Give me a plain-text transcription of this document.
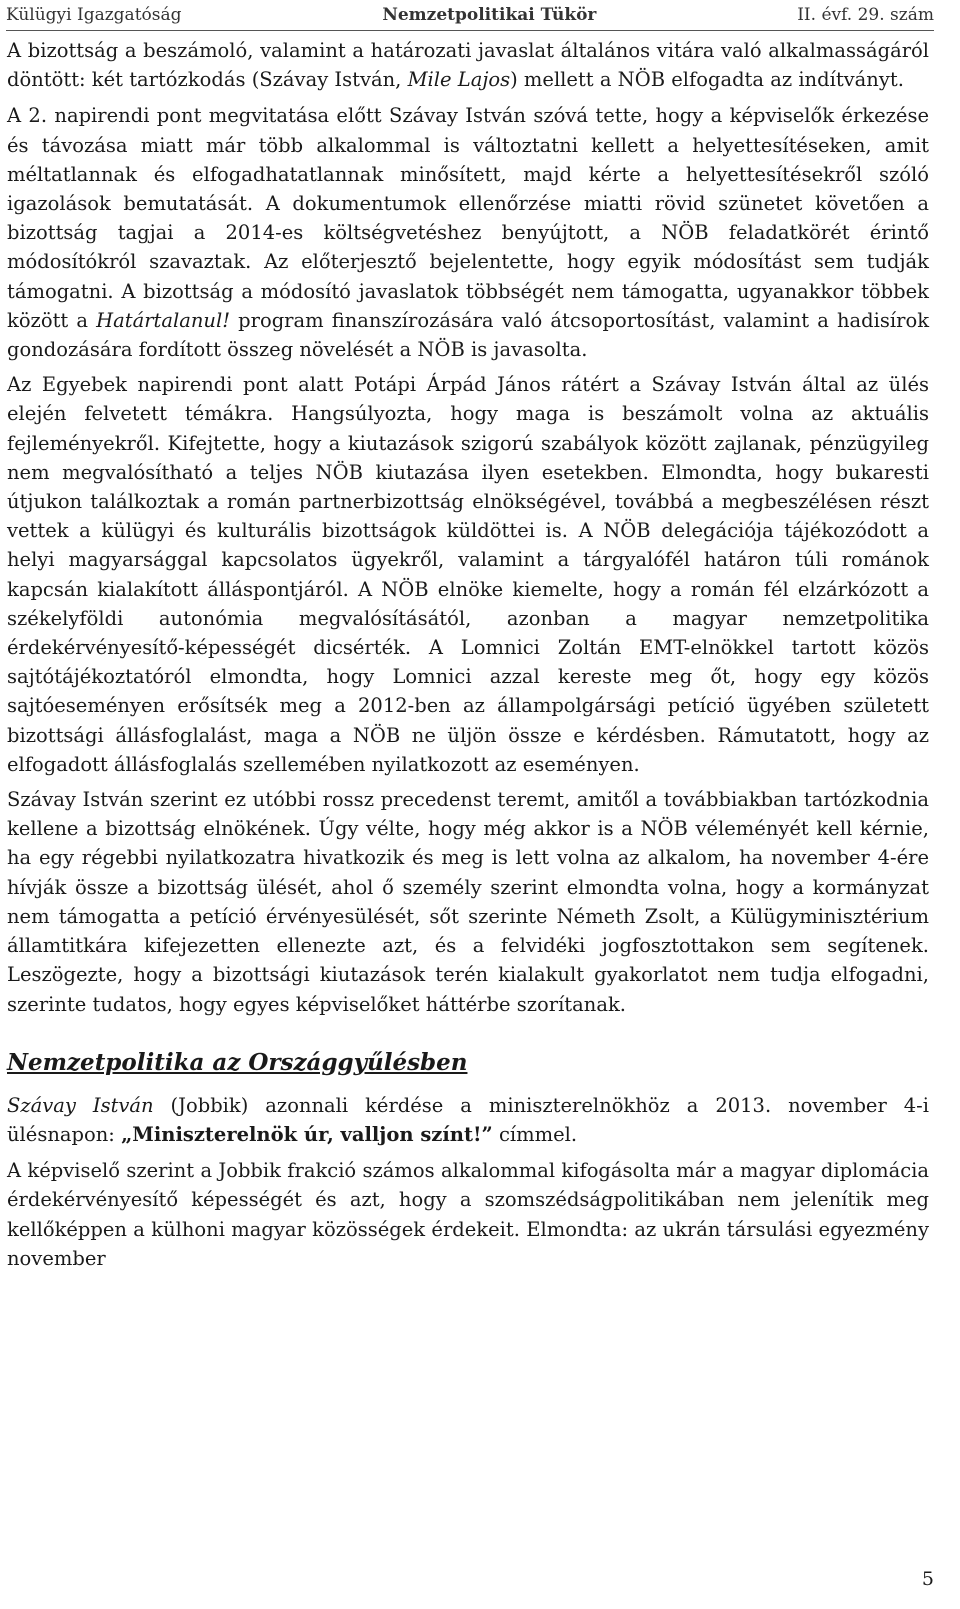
Külügyi Igazgatóság	Nemzetpolitikai Tükör	II. évf. 29. szám

A bizottság a beszámoló, valamint a határozati javaslat általános vitára való alkalmasságáról döntött: két tartózkodás (Szávay István, Mile Lajos) mellett a NÖB elfogadta az indítványt.

A 2. napirendi pont megvitatása előtt Szávay István szóvá tette, hogy a képviselők érkezése és távozása miatt már több alkalommal is változtatni kellett a helyettesítéseken, amit méltatlannak és elfogadhatatlannak minősített, majd kérte a helyettesítésekről szóló igazolások bemutatását. A dokumentumok ellenőrzése miatti rövid szünetet követően a bizottság tagjai a 2014-es költségvetéshez benyújtott, a NÖB feladatkörét érintő módosítókról szavaztak. Az előterjesztő bejelentette, hogy egyik módosítást sem tudják támogatni. A bizottság a módosító javaslatok többségét nem támogatta, ugyanakkor többek között a Határtalanul! program finanszírozására való átcsoportosítást, valamint a hadisírok gondozására fordított összeg növelését a NÖB is javasolta.

Az Egyebek napirendi pont alatt Potápi Árpád János rátért a Szávay István által az ülés elején felvetett témákra. Hangsúlyozta, hogy maga is beszámolt volna az aktuális fejleményekről. Kifejtette, hogy a kiutazások szigorú szabályok között zajlanak, pénzügyileg nem megvalósítható a teljes NÖB kiutazása ilyen esetekben. Elmondta, hogy bukaresti útjukon találkoztak a román partnerbizottság elnökségével, továbbá a megbeszélésen részt vettek a külügyi és kulturális bizottságok küldöttei is. A NÖB delegációja tájékozódott a helyi magyarsággal kapcsolatos ügyekről, valamint a tárgyalófél határon túli románok kapcsán kialakított álláspontjáról. A NÖB elnöke kiemelte, hogy a román fél elzárkózott a székelyföldi autonómia megvalósításától, azonban a magyar nemzetpolitika érdekérvényesítő-képességét dicsérték. A Lomnici Zoltán EMT-elnökkel tartott közös sajtótájékoztatóról elmondta, hogy Lomnici azzal kereste meg őt, hogy egy közös sajtóeseményen erősítsék meg a 2012-ben az állampolgársági petíció ügyében született bizottsági állásfoglalást, maga a NÖB ne üljön össze e kérdésben. Rámutatott, hogy az elfogadott állásfoglalás szellemében nyilatkozott az eseményen.

Szávay István szerint ez utóbbi rossz precedenst teremt, amitől a továbbiakban tartózkodnia kellene a bizottság elnökének. Úgy vélte, hogy még akkor is a NÖB véleményét kell kérnie, ha egy régebbi nyilatkozatra hivatkozik és meg is lett volna az alkalom, ha november 4-ére hívják össze a bizottság ülését, ahol ő személy szerint elmondta volna, hogy a kormányzat nem támogatta a petíció érvényesülését, sőt szerinte Németh Zsolt, a Külügyminisztérium államtitkára kifejezetten ellenezte azt, és a felvidéki jogfosztottakon sem segítenek. Leszögezte, hogy a bizottsági kiutazások terén kialakult gyakorlatot nem tudja elfogadni, szerinte tudatos, hogy egyes képviselőket háttérbe szorítanak.

Nemzetpolitika az Országgyűlésben

Szávay István (Jobbik) azonnali kérdése a miniszterelnökhöz a 2013. november 4-i ülésnapon: „Miniszterelnök úr, valljon színt!” címmel.

A képviselő szerint a Jobbik frakció számos alkalommal kifogásolta már a magyar diplomácia érdekérvényesítő képességét és azt, hogy a szomszédságpolitikában nem jelenítik meg kellőképpen a külhoni magyar közösségek érdekeit. Elmondta: az ukrán társulási egyezmény november

5
